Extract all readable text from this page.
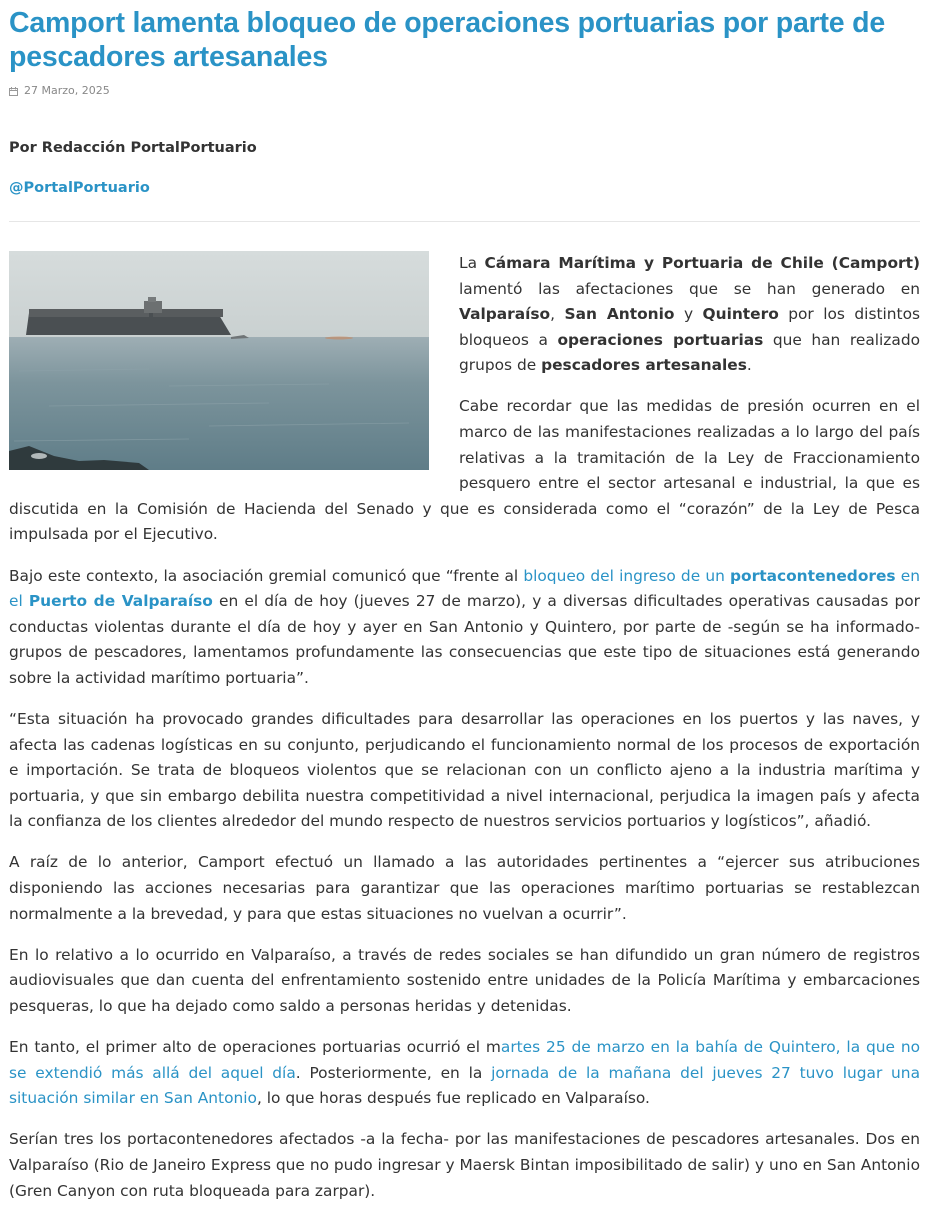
Camport lamenta bloqueo de operaciones portuarias por parte de pescadores artesanales
27 Marzo, 2025
Por Redacción PortalPortuario
@PortalPortuario

La Cámara Marítima y Portuaria de Chile (Camport) lamentó las afectaciones que se han generado en Valparaíso, San Antonio y Quintero por los distintos bloqueos a operaciones portuarias que han realizado grupos de pescadores artesanales.

Cabe recordar que las medidas de presión ocurren en el marco de las manifestaciones realizadas a lo largo del país relativas a la tramitación de la Ley de Fraccionamiento pesquero entre el sector artesanal e industrial, la que es discutida en la Comisión de Hacienda del Senado y que es considerada como el “corazón” de la Ley de Pesca impulsada por el Ejecutivo.

Bajo este contexto, la asociación gremial comunicó que “frente al bloqueo del ingreso de un portacontenedores en el Puerto de Valparaíso en el día de hoy (jueves 27 de marzo), y a diversas dificultades operativas causadas por conductas violentas durante el día de hoy y ayer en San Antonio y Quintero, por parte de -según se ha informado- grupos de pescadores, lamentamos profundamente las consecuencias que este tipo de situaciones está generando sobre la actividad marítimo portuaria”.

“Esta situación ha provocado grandes dificultades para desarrollar las operaciones en los puertos y las naves, y afecta las cadenas logísticas en su conjunto, perjudicando el funcionamiento normal de los procesos de exportación e importación. Se trata de bloqueos violentos que se relacionan con un conflicto ajeno a la industria marítima y portuaria, y que sin embargo debilita nuestra competitividad a nivel internacional, perjudica la imagen país y afecta la confianza de los clientes alrededor del mundo respecto de nuestros servicios portuarios y logísticos”, añadió.

A raíz de lo anterior, Camport efectuó un llamado a las autoridades pertinentes a “ejercer sus atribuciones disponiendo las acciones necesarias para garantizar que las operaciones marítimo portuarias se restablezcan normalmente a la brevedad, y para que estas situaciones no vuelvan a ocurrir”.

En lo relativo a lo ocurrido en Valparaíso, a través de redes sociales se han difundido un gran número de registros audiovisuales que dan cuenta del enfrentamiento sostenido entre unidades de la Policía Marítima y embarcaciones pesqueras, lo que ha dejado como saldo a personas heridas y detenidas.

En tanto, el primer alto de operaciones portuarias ocurrió el martes 25 de marzo en la bahía de Quintero, la que no se extendió más allá del aquel día. Posteriormente, en la jornada de la mañana del jueves 27 tuvo lugar una situación similar en San Antonio, lo que horas después fue replicado en Valparaíso.

Serían tres los portacontenedores afectados -a la fecha- por las manifestaciones de pescadores artesanales. Dos en Valparaíso (Rio de Janeiro Express que no pudo ingresar y Maersk Bintan imposibilitado de salir) y uno en San Antonio (Gren Canyon con ruta bloqueada para zarpar).
